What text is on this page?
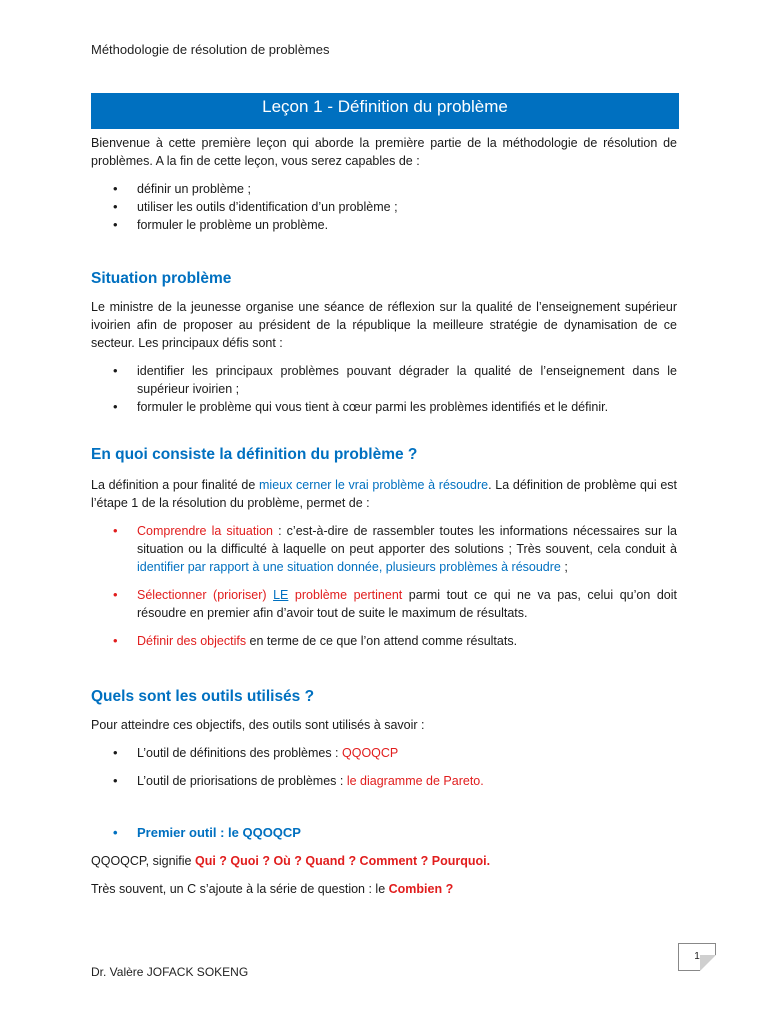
Méthodologie de résolution de problèmes
Leçon 1 - Définition du problème

Bienvenue à cette première leçon qui aborde la première partie de la méthodologie de résolution de problèmes. A la fin de cette leçon, vous serez capables de :

• définir un problème ;
• utiliser les outils d’identification d’un problème ;
• formuler le problème un problème.
Situation problème

Le ministre de la jeunesse organise une séance de réflexion sur la qualité de l’enseignement supérieur ivoirien afin de proposer au président de la république la meilleure stratégie de dynamisation de ce secteur. Les principaux défis sont :

• identifier les principaux problèmes pouvant dégrader la qualité de l’enseignement dans le supérieur ivoirien ;
• formuler le problème qui vous tient à cœur parmi les problèmes identifiés et le définir.
En quoi consiste la définition du problème ?

La définition a pour finalité de mieux cerner le vrai problème à résoudre. La définition de problème qui est l’étape 1 de la résolution du problème, permet de :

• Comprendre la situation : c’est-à-dire de rassembler toutes les informations nécessaires sur la situation ou la difficulté à laquelle on peut apporter des solutions ; Très souvent, cela conduit à identifier par rapport à une situation donnée, plusieurs problèmes à résoudre ;
• Sélectionner (prioriser) LE problème pertinent parmi tout ce qui ne va pas, celui qu’on doit résoudre en premier afin d’avoir tout de suite le maximum de résultats.
• Définir des objectifs en terme de ce que l’on attend comme résultats.
Quels sont les outils utilisés ?

Pour atteindre ces objectifs, des outils sont utilisés à savoir :

• L’outil de définitions des problèmes : QQOQCP
• L’outil de priorisations de problèmes : le diagramme de Pareto.
• Premier outil : le QQOQCP

QQOQCP, signifie Qui ? Quoi ? Où ? Quand ? Comment ? Pourquoi.

Très souvent, un C s’ajoute à la série de question : le Combien ?

1
Dr. Valère JOFACK SOKENG
